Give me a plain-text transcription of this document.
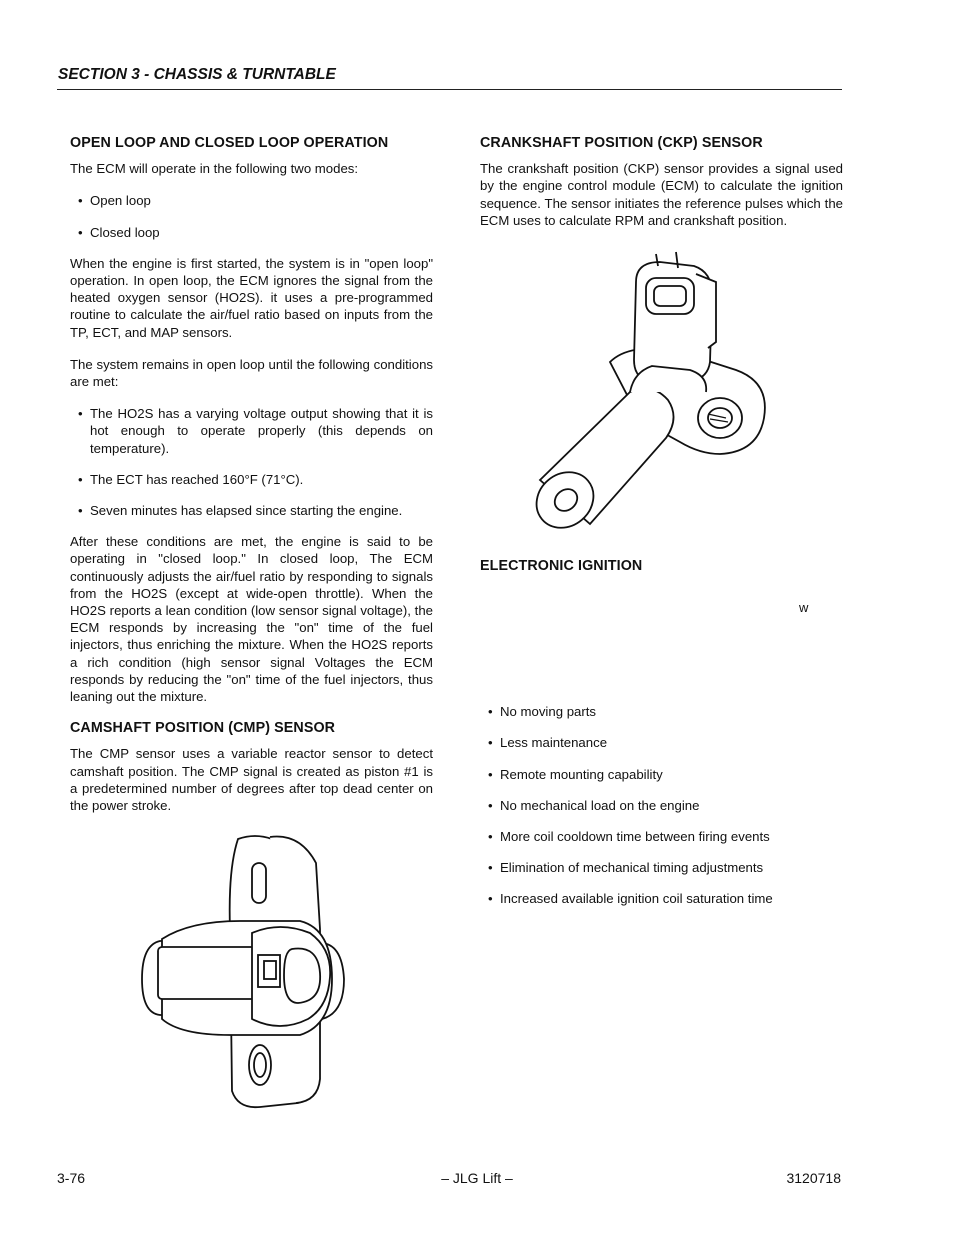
SECTION 3 - CHASSIS & TURNTABLE
OPEN LOOP AND CLOSED LOOP OPERATION

The ECM will operate in the following two modes:

• Open loop
• Closed loop

When the engine is first started, the system is in "open loop" operation. In open loop, the ECM ignores the signal from the heated oxygen sensor (HO2S). it uses a pre-programmed routine to calculate the air/fuel ratio based on inputs from the TP, ECT, and MAP sensors.

The system remains in open loop until the following conditions are met:

• The HO2S has a varying voltage output showing that it is hot enough to operate properly (this depends on temperature).
• The ECT has reached 160°F (71°C).
• Seven minutes has elapsed since starting the engine.

After these conditions are met, the engine is said to be operating in "closed loop." In closed loop, The ECM continuously adjusts the air/fuel ratio by responding to signals from the HO2S (except at wide-open throttle). When the HO2S reports a lean condition (low sensor signal voltage), the ECM responds by increasing the "on" time of the fuel injectors, thus enriching the mixture. When the HO2S reports a rich condition (high sensor signal Voltages the ECM responds by reducing the "on" time of the fuel injectors, thus leaning out the mixture.

CAMSHAFT POSITION (CMP) SENSOR

The CMP sensor uses a variable reactor sensor to detect camshaft position. The CMP signal is created as piston #1 is a predetermined number of degrees after top dead center on the power stroke.

CRANKSHAFT POSITION (CKP) SENSOR

The crankshaft position (CKP) sensor provides a signal used by the engine control module (ECM) to calculate the ignition sequence. The sensor initiates the reference pulses which the ECM uses to calculate RPM and crankshaft position.

ELECTRONIC IGNITION
w
• No moving parts
• Less maintenance
• Remote mounting capability
• No mechanical load on the engine
• More coil cooldown time between firing events
• Elimination of mechanical timing adjustments
• Increased available ignition coil saturation time
3-76	– JLG Lift –	3120718
